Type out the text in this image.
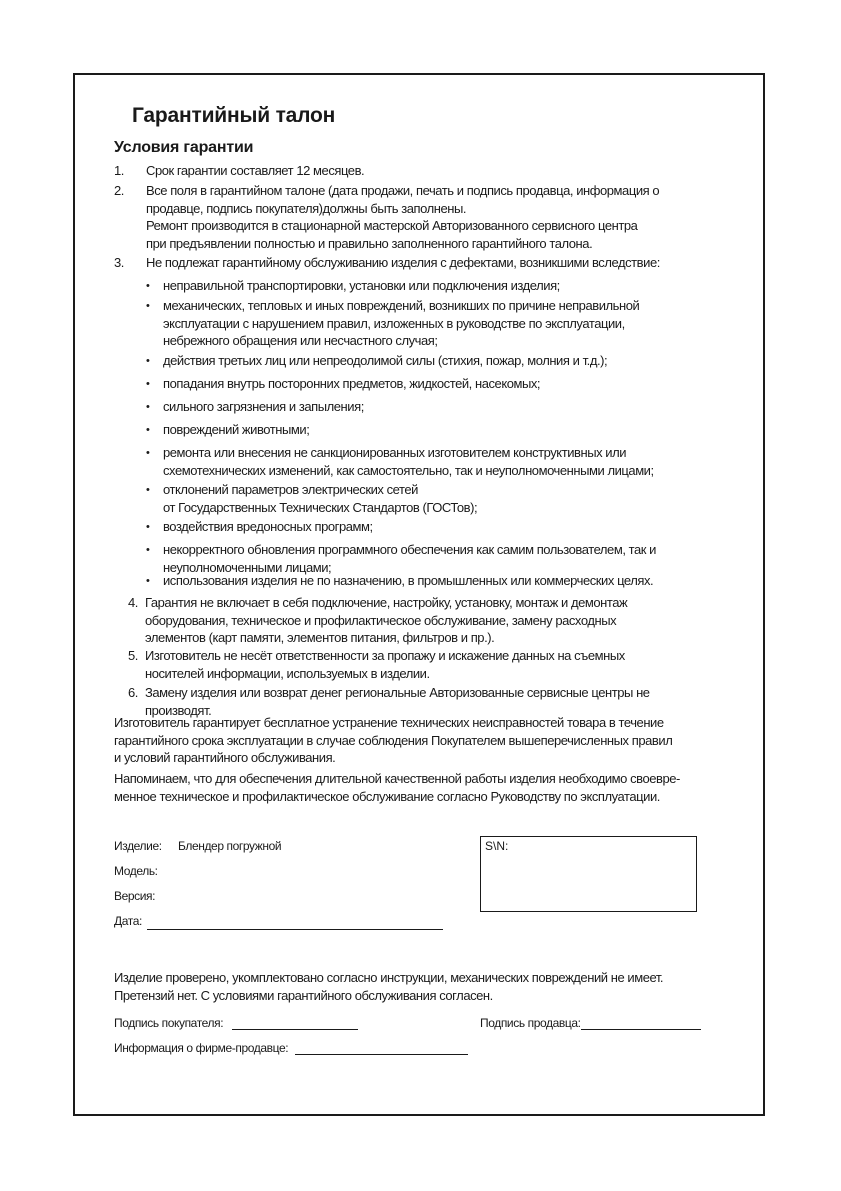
Гарантийный талон
Условия гарантии
1. Срок гарантии составляет 12 месяцев.
2. Все поля в гарантийном талоне (дата продажи, печать и подпись продавца, информация о
продавце, подпись покупателя)должны быть заполнены.
Ремонт производится в стационарной мастерской Авторизованного сервисного центра
при предъявлении полностью и правильно заполненного гарантийного талона.
3. Не подлежат гарантийному обслуживанию изделия с дефектами, возникшими вследствие:
• неправильной транспортировки, установки или подключения изделия;
• механических, тепловых и иных повреждений, возникших по причине неправильной
эксплуатации с нарушением правил, изложенных в руководстве по эксплуатации,
небрежного обращения или несчастного случая;
• действия третьих лиц или непреодолимой силы (стихия, пожар, молния и т.д.);
• попадания внутрь посторонних предметов, жидкостей, насекомых;
• сильного загрязнения и запыления;
• повреждений животными;
• ремонта или внесения не санкционированных изготовителем конструктивных или
схемотехнических изменений, как самостоятельно, так и неуполномоченными лицами;
• отклонений параметров электрических сетей
от Государственных Технических Стандартов (ГОСТов);
• воздействия вредоносных программ;
• некорректного обновления программного обеспечения как самим пользователем, так и
неуполномоченными лицами;
• использования изделия не по назначению, в промышленных или коммерческих целях.
4. Гарантия не включает в себя подключение, настройку, установку, монтаж и демонтаж
оборудования, техническое и профилактическое обслуживание, замену расходных
элементов (карт памяти, элементов питания, фильтров и пр.).
5. Изготовитель не несёт ответственности за пропажу и искажение данных на съемных
носителей информации, используемых в изделии.
6. Замену изделия или возврат денег региональные Авторизованные сервисные центры не
производят.
Изготовитель гарантирует бесплатное устранение технических неисправностей товара в течение
гарантийного срока эксплуатации в случае соблюдения Покупателем вышеперечисленных правил
и условий гарантийного обслуживания.
Напоминаем, что для обеспечения длительной качественной работы изделия необходимо своевре-
менное техническое и профилактическое обслуживание согласно Руководству по эксплуатации.
Изделие: Блендер погружной
Модель:
Версия:
Дата:
S\N:
Изделие проверено, укомплектовано согласно инструкции, механических повреждений не имеет.
Претензий нет. С условиями гарантийного обслуживания согласен.
Подпись покупателя:	Подпись продавца:
Информация о фирме-продавце:
